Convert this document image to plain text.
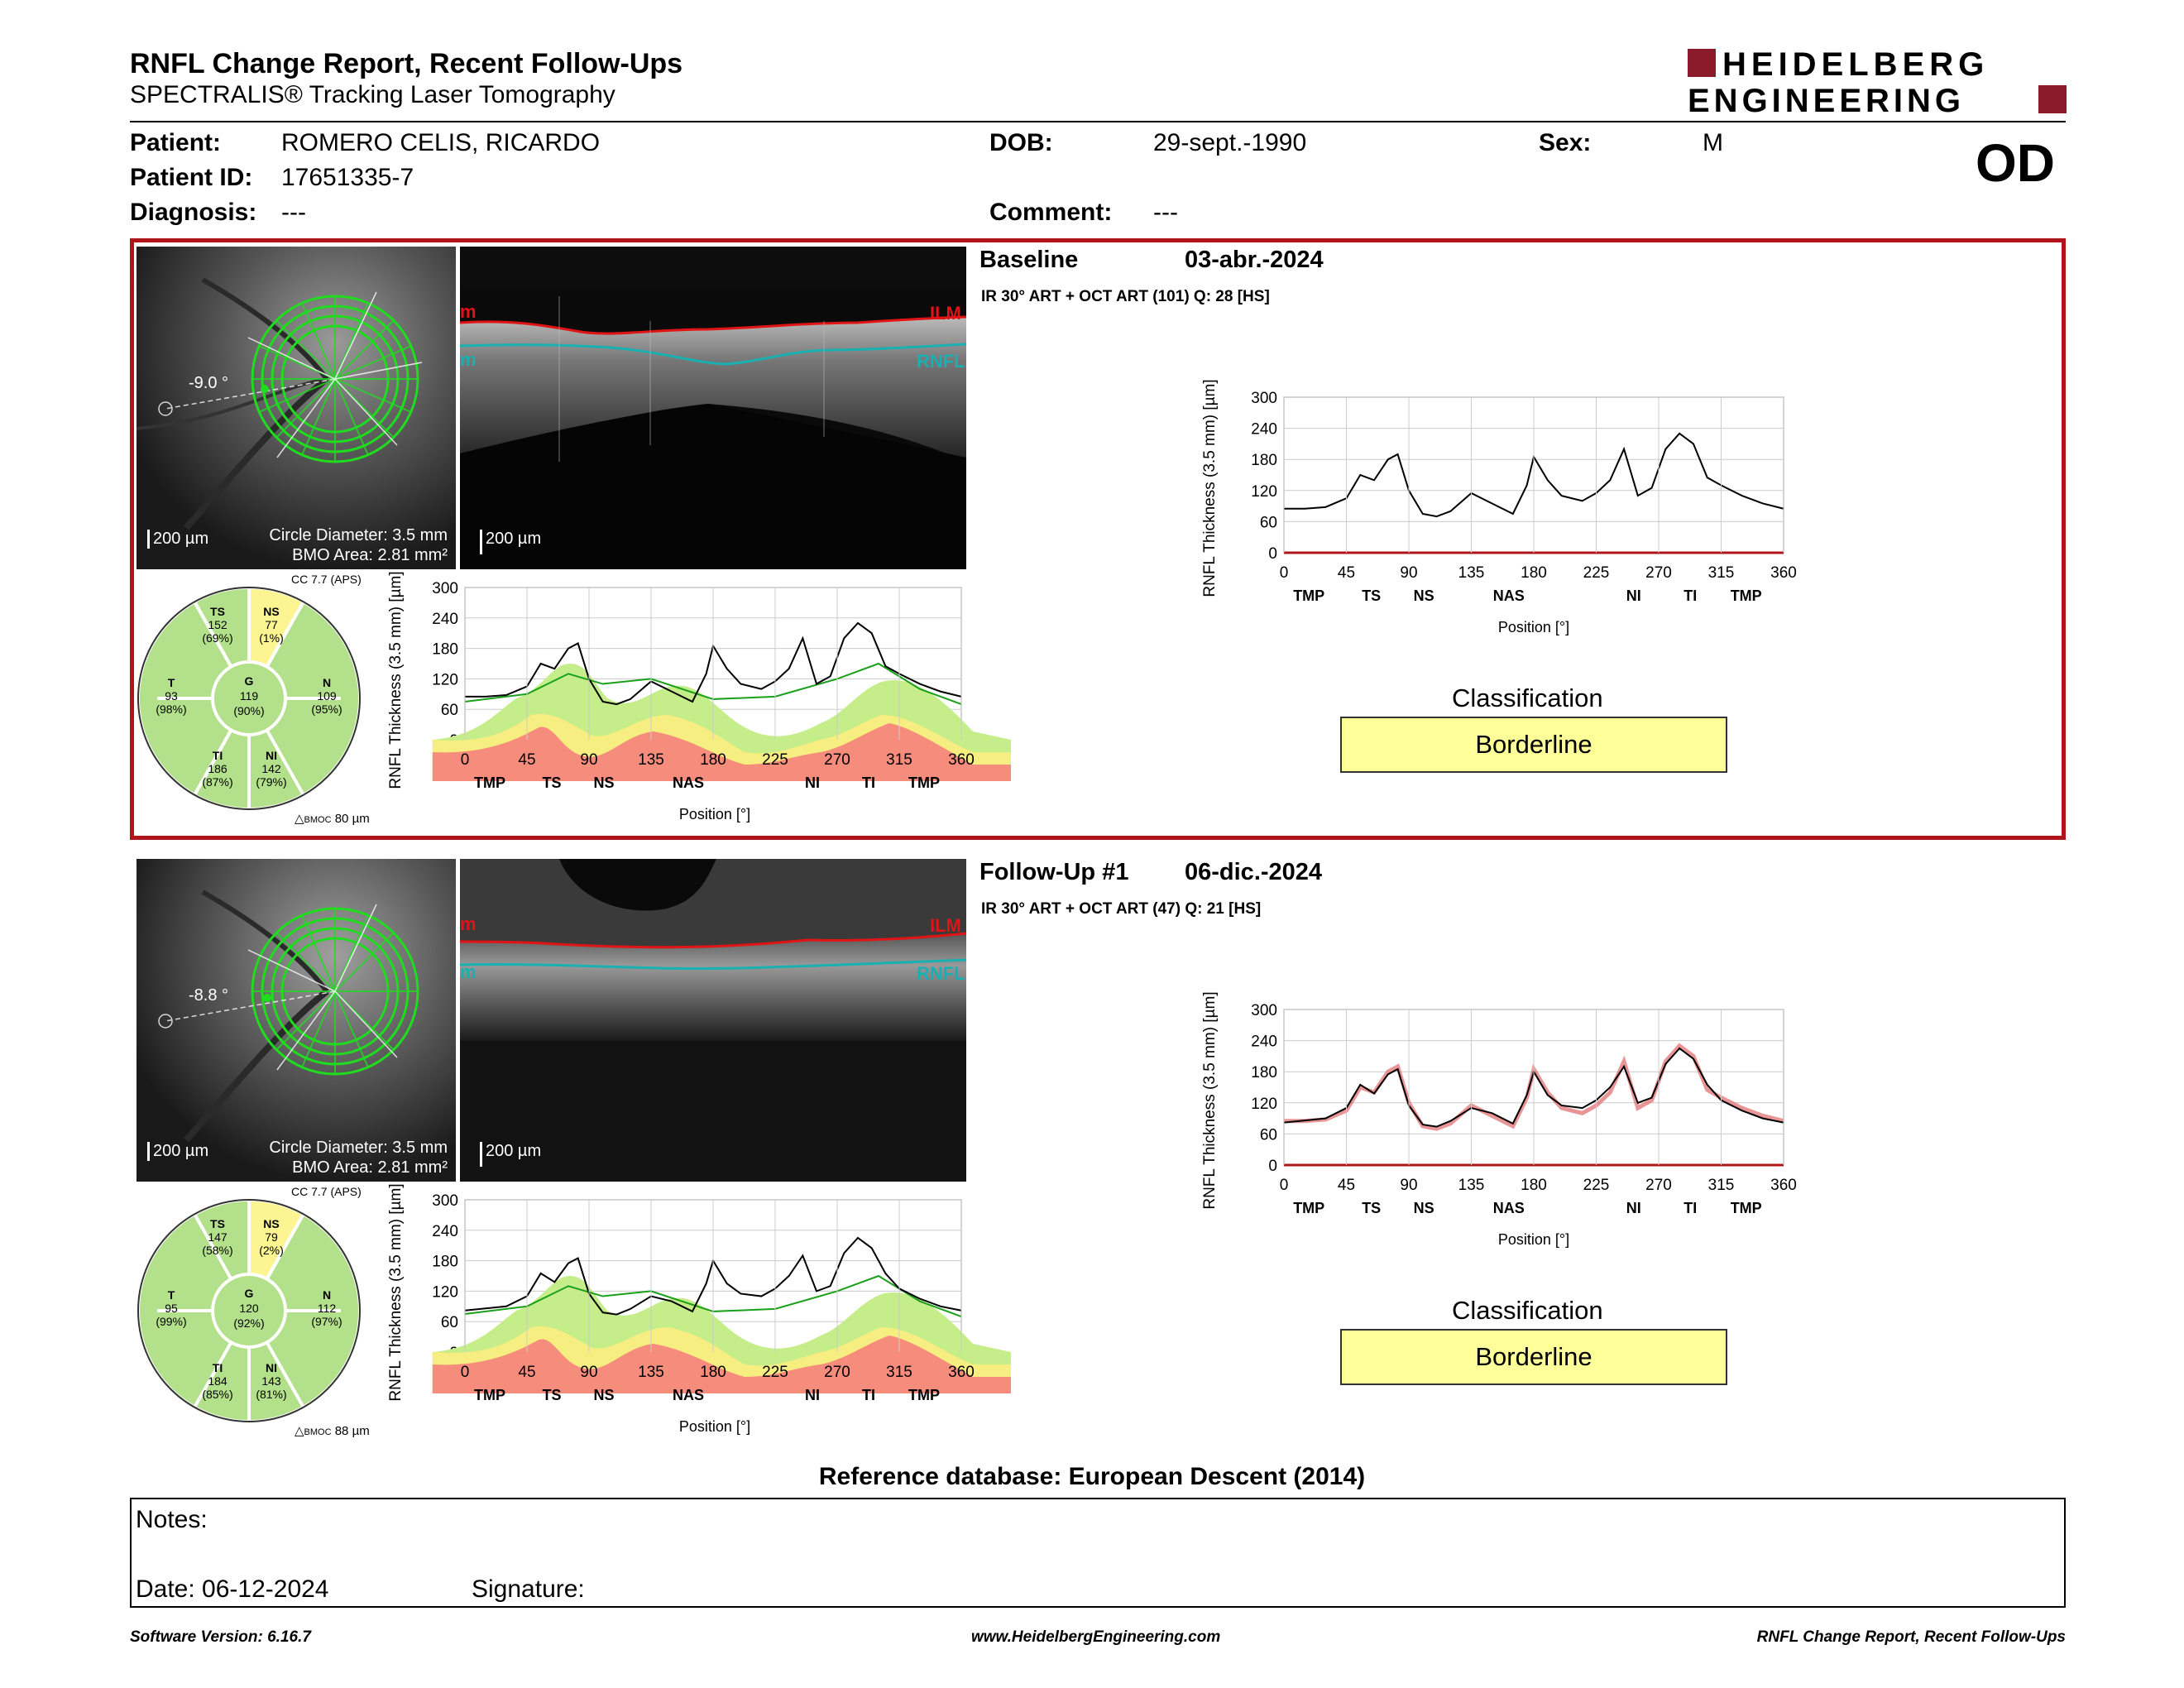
RNFL Change Report, Recent Follow-Ups
SPECTRALIS® Tracking Laser Tomography
HEIDELBERG
ENGINEERING
Patient: ROMERO CELIS, RICARDO
Patient ID: 17651335-7
Diagnosis: ---
DOB:	29-sept.-1990
Comment: ---
Sex:	M	OD
-9.0 °
200 µm	Circle Diameter: 3.5 mm
BMO Area: 2.81 mm²
m
m
ILM
RNFL
200 µm
CC 7.7 (APS)
TS
152
(69%)
NS
77
(1%)
T
93
(98%)
G
119
(90%)
N
109
(95%)
TI
186
(87%)
NI
142
(79%)
△BMOC 80 µm
300
240
180
120
60
RNFL Thickness (3.5 mm) [µm]	0	45	90	135 180 225 270 315 360
TMP TS NS	NAS	NI	TI TMP
Position [°]
Baseline	03-abr.-2024
IR 30° ART + OCT ART (101) Q: 28 [HS]
300
240
180
120
60
0
RNFL Thickness (3.5 mm) [µm]	0	45	90	135 180 225 270 315 360
TMP TS NS	NAS	NI	TI TMP
Position [°]
Classification
Borderline
-8.8 °
200 µm	Circle Diameter: 3.5 mm
BMO Area: 2.81 mm²
m
m
ILM
RNFL
200 µm
CC 7.7 (APS)
TS
147
(58%)
NS
79
(2%)
T
95
(99%)
G
120
(92%)
N
112
(97%)
TI
184
(85%)
NI
143
(81%)
△BMOC 88 µm
300
240
180
120
60
RNFL Thickness (3.5 mm) [µm]	0	45	90	135 180 225 270 315 360
TMP TS NS	NAS	NI	TI TMP
Position [°]
Follow-Up #1 06-dic.-2024
IR 30° ART + OCT ART (47) Q: 21 [HS]
300
240
180
120
60
0
RNFL Thickness (3.5 mm) [µm]	0	45	90	135 180 225 270 315 360
TMP TS NS	NAS	NI	TI TMP
Position [°]
Classification
Borderline
Reference database: European Descent (2014)
Notes:
Date: 06-12-2024	Signature:
Software Version: 6.16.7	www.HeidelbergEngineering.com	RNFL Change Report, Recent Follow-Ups
